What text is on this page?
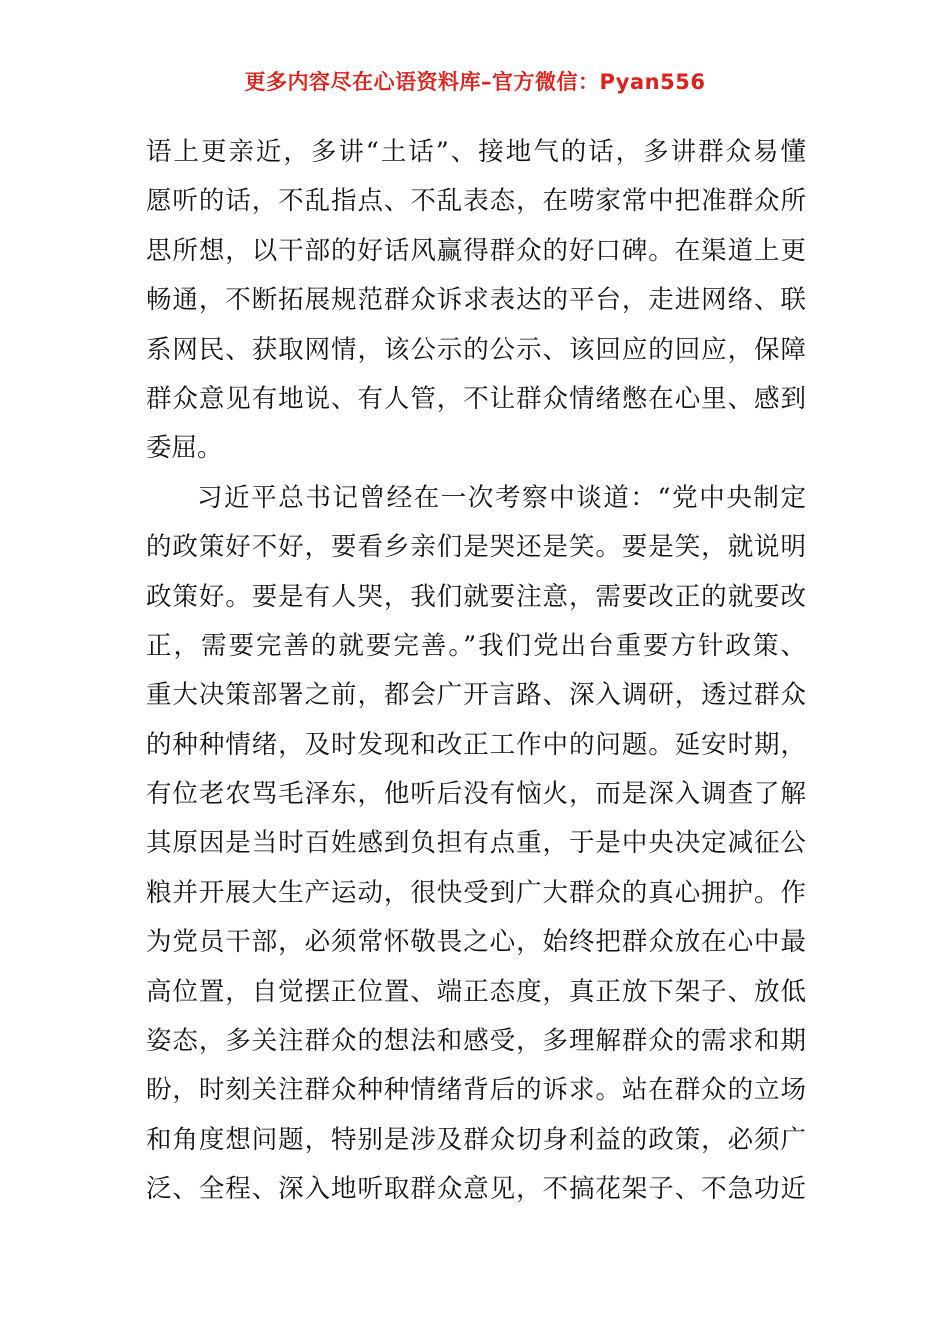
更多内容尽在心语资料库–官方微信：Pyan556
语上更亲近，多讲“土话”、接地气的话，多讲群众易懂
愿听的话，不乱指点、不乱表态，在唠家常中把准群众所
思所想，以干部的好话风赢得群众的好口碑。在渠道上更
畅通，不断拓展规范群众诉求表达的平台，走进网络、联
系网民、获取网情，该公示的公示、该回应的回应，保障
群众意见有地说、有人管，不让群众情绪憋在心里、感到
委屈。
习近平总书记曾经在一次考察中谈道：“党中央制定
的政策好不好，要看乡亲们是哭还是笑。要是笑，就说明
政策好。要是有人哭，我们就要注意，需要改正的就要改
正，需要完善的就要完善。”我们党出台重要方针政策、
重大决策部署之前，都会广开言路、深入调研，透过群众
的种种情绪，及时发现和改正工作中的问题。延安时期，
有位老农骂毛泽东，他听后没有恼火，而是深入调查了解
其原因是当时百姓感到负担有点重，于是中央决定减征公
粮并开展大生产运动，很快受到广大群众的真心拥护。作
为党员干部，必须常怀敬畏之心，始终把群众放在心中最
高位置，自觉摆正位置、端正态度，真正放下架子、放低
姿态，多关注群众的想法和感受，多理解群众的需求和期
盼，时刻关注群众种种情绪背后的诉求。站在群众的立场
和角度想问题，特别是涉及群众切身利益的政策，必须广
泛、全程、深入地听取群众意见，不搞花架子、不急功近
